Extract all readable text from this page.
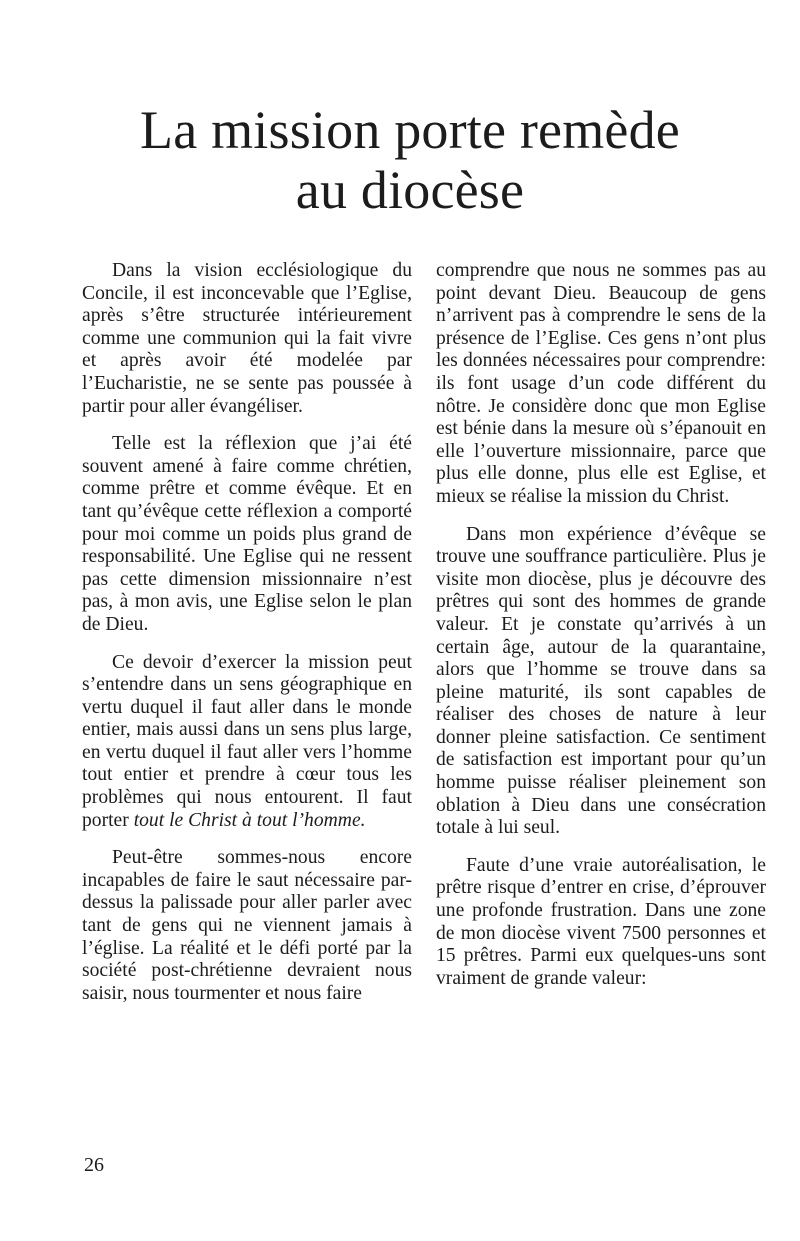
La mission porte remède
au diocèse

Dans la vision ecclésiologique du Concile, il est inconcevable que l’Eglise, après s’être structurée intérieurement comme une communion qui la fait vivre et après avoir été modelée par l’Eucharistie, ne se sente pas poussée à partir pour aller évangéliser.

Telle est la réflexion que j’ai été souvent amené à faire comme chrétien, comme prêtre et comme évêque. Et en tant qu’évêque cette réflexion a comporté pour moi comme un poids plus grand de responsabilité. Une Eglise qui ne ressent pas cette dimension missionnaire n’est pas, à mon avis, une Eglise selon le plan de Dieu.

Ce devoir d’exercer la mission peut s’entendre dans un sens géographique en vertu duquel il faut aller dans le monde entier, mais aussi dans un sens plus large, en vertu duquel il faut aller vers l’homme tout entier et prendre à cœur tous les problèmes qui nous entourent. Il faut porter tout le Christ à tout l’homme.

Peut-être sommes-nous encore incapables de faire le saut nécessaire par-dessus la palissade pour aller parler avec tant de gens qui ne viennent jamais à l’église. La réalité et le défi porté par la société post-chrétienne devraient nous saisir, nous tourmenter et nous faire

comprendre que nous ne sommes pas au point devant Dieu. Beaucoup de gens n’arrivent pas à comprendre le sens de la présence de l’Eglise. Ces gens n’ont plus les données nécessaires pour comprendre: ils font usage d’un code différent du nôtre. Je considère donc que mon Eglise est bénie dans la mesure où s’épanouit en elle l’ouverture missionnaire, parce que plus elle donne, plus elle est Eglise, et mieux se réalise la mission du Christ.

Dans mon expérience d’évêque se trouve une souffrance particulière. Plus je visite mon diocèse, plus je découvre des prêtres qui sont des hommes de grande valeur. Et je constate qu’arrivés à un certain âge, autour de la quarantaine, alors que l’homme se trouve dans sa pleine maturité, ils sont capables de réaliser des choses de nature à leur donner pleine satisfaction. Ce sentiment de satisfaction est important pour qu’un homme puisse réaliser pleinement son oblation à Dieu dans une consécration totale à lui seul.

Faute d’une vraie autoréalisation, le prêtre risque d’entrer en crise, d’éprouver une profonde frustration. Dans une zone de mon diocèse vivent 7500 personnes et 15 prêtres. Parmi eux quelques-uns sont vraiment de grande valeur:

26
